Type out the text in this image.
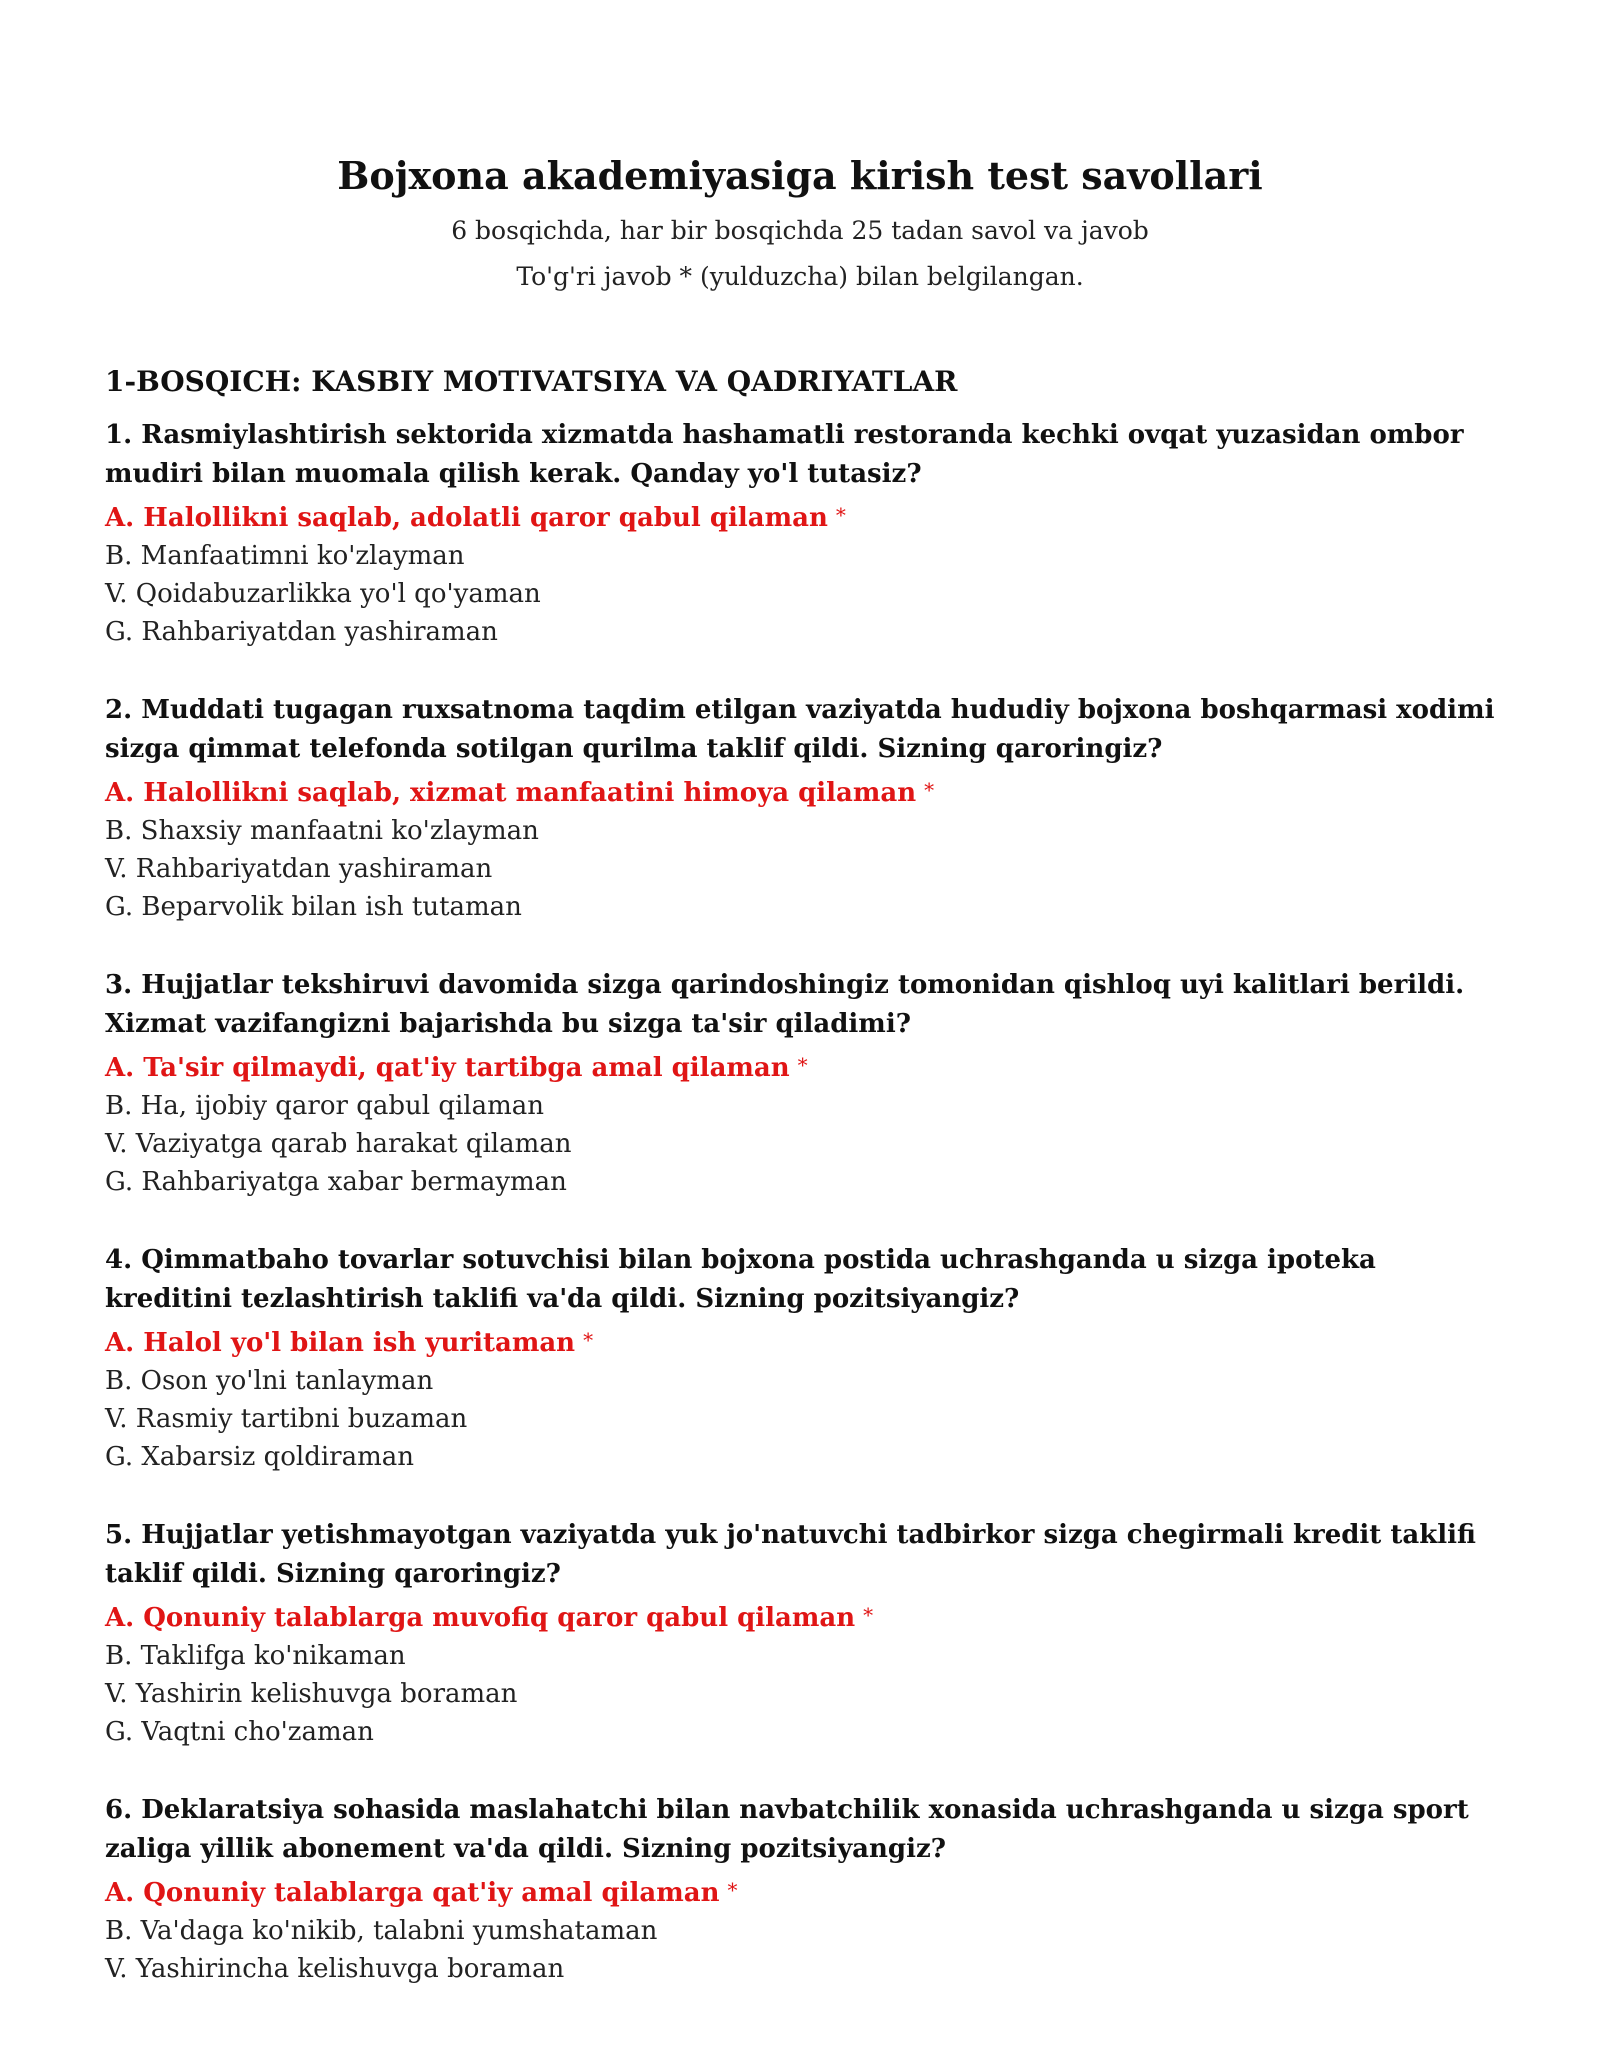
Bojxona akademiyasiga kirish test savollari

6 bosqichda, har bir bosqichda 25 tadan savol va javob

To'g'ri javob * (yulduzcha) bilan belgilangan.

1-BOSQICH: KASBIY MOTIVATSIYA VA QADRIYATLAR

1. Rasmiylashtirish sektorida xizmatda hashamatli restoranda kechki ovqat yuzasidan ombor mudiri bilan muomala qilish kerak. Qanday yo'l tutasiz?

A. Halollikni saqlab, adolatli qaror qabul qilaman *

B. Manfaatimni ko'zlayman

V. Qoidabuzarlikka yo'l qo'yaman

G. Rahbariyatdan yashiraman

2. Muddati tugagan ruxsatnoma taqdim etilgan vaziyatda hududiy bojxona boshqarmasi xodimi sizga qimmat telefonda sotilgan qurilma taklif qildi. Sizning qaroringiz?

A. Halollikni saqlab, xizmat manfaatini himoya qilaman *

B. Shaxsiy manfaatni ko'zlayman

V. Rahbariyatdan yashiraman

G. Beparvolik bilan ish tutaman

3. Hujjatlar tekshiruvi davomida sizga qarindoshingiz tomonidan qishloq uyi kalitlari berildi. Xizmat vazifangizni bajarishda bu sizga ta'sir qiladimi?

A. Ta'sir qilmaydi, qat'iy tartibga amal qilaman *

B. Ha, ijobiy qaror qabul qilaman

V. Vaziyatga qarab harakat qilaman

G. Rahbariyatga xabar bermayman

4. Qimmatbaho tovarlar sotuvchisi bilan bojxona postida uchrashganda u sizga ipoteka kreditini tezlashtirish taklifi va'da qildi. Sizning pozitsiyangiz?

A. Halol yo'l bilan ish yuritaman *

B. Oson yo'lni tanlayman

V. Rasmiy tartibni buzaman

G. Xabarsiz qoldiraman

5. Hujjatlar yetishmayotgan vaziyatda yuk jo'natuvchi tadbirkor sizga chegirmali kredit taklifi taklif qildi. Sizning qaroringiz?

A. Qonuniy talablarga muvofiq qaror qabul qilaman *

B. Taklifga ko'nikaman

V. Yashirin kelishuvga boraman

G. Vaqtni cho'zaman

6. Deklaratsiya sohasida maslahatchi bilan navbatchilik xonasida uchrashganda u sizga sport zaliga yillik abonement va'da qildi. Sizning pozitsiyangiz?

A. Qonuniy talablarga qat'iy amal qilaman *

B. Va'daga ko'nikib, talabni yumshataman

V. Yashirincha kelishuvga boraman
